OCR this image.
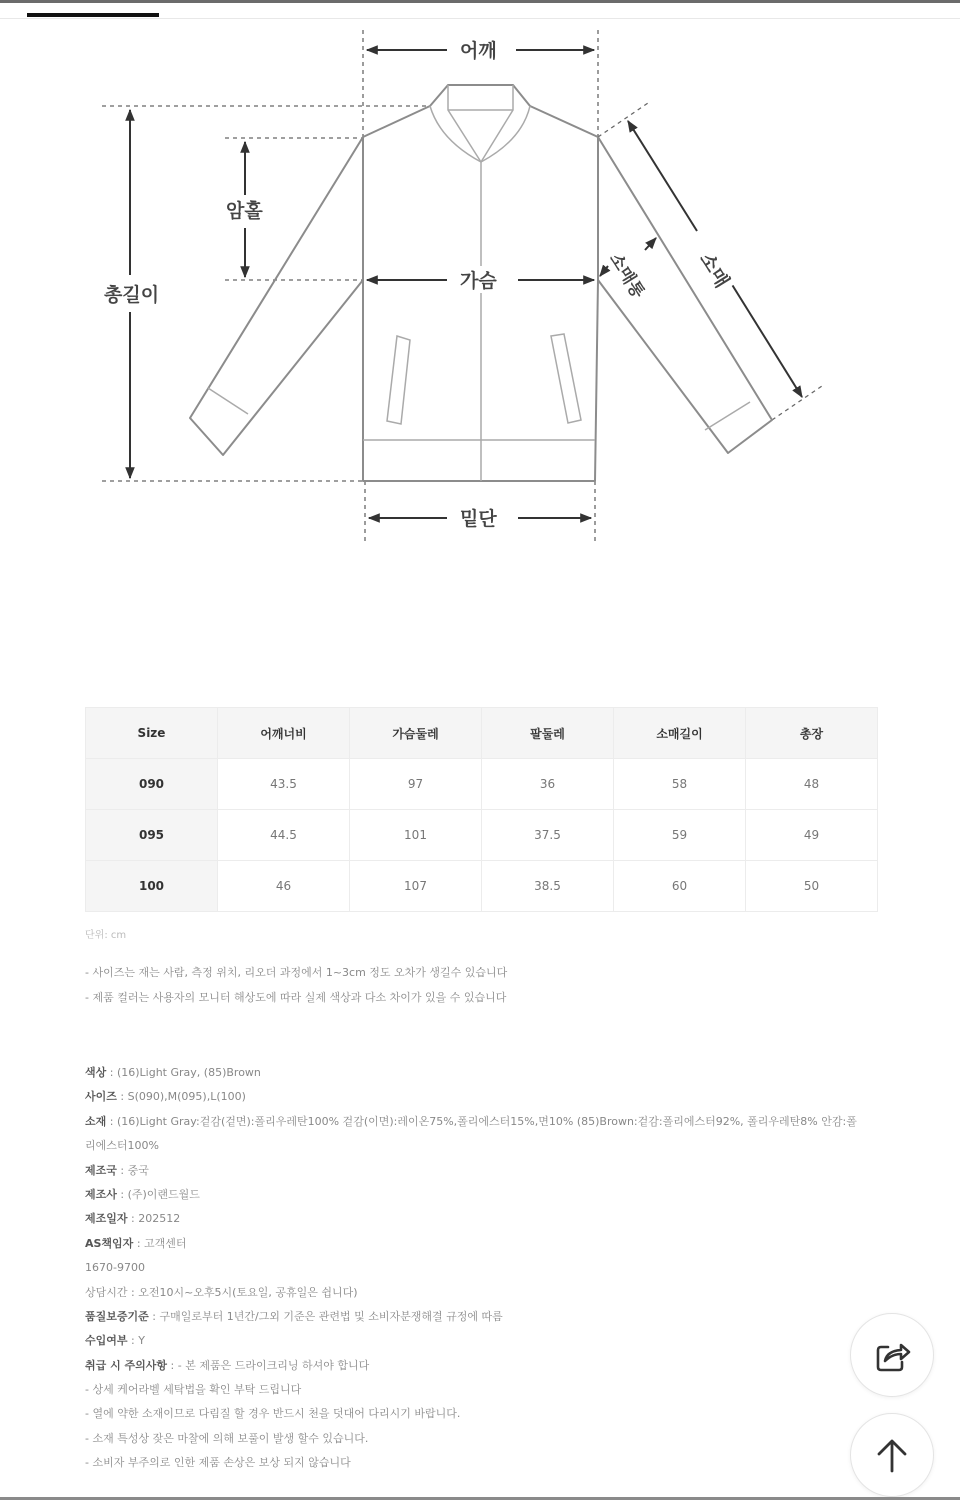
어깨
총길이
암홀
가슴	소매통	소매
밑단
Size	어깨너비	가슴둘레	팔둘레	소매길이	총장
090	43.5	97	36	58	48
095	44.5	101	37.5	59	49
100	46	107	38.5	60	50
단위: cm
- 사이즈는 재는 사람, 측정 위치, 리오더 과정에서 1~3cm 정도 오차가 생길수 있습니다
- 제품 컬러는 사용자의 모니터 해상도에 따라 실제 색상과 다소 차이가 있을 수 있습니다
색상 : (16)Light Gray, (85)Brown
사이즈 : S(090),M(095),L(100)
소재 : (16)Light Gray:겉감(겉면):폴리우레탄100% 겉감(이면):레이온75%,폴리에스터15%,면10% (85)Brown:겉감:폴리에스터92%, 폴리우레탄8% 안감:폴
리에스터100%
제조국 : 중국
제조사 : (주)이랜드월드
제조일자 : 202512
AS책임자 : 고객센터
1670-9700
상담시간 : 오전10시~오후5시(토요일, 공휴일은 쉽니다)
품질보증기준 : 구매일로부터 1년간/그외 기준은 관련법 및 소비자분쟁해결 규정에 따름
수입여부 : Y
취급 시 주의사항 : - 본 제품은 드라이크리닝 하셔야 합니다
- 상세 케어라벨 세탁법을 확인 부탁 드립니다
- 열에 약한 소재이므로 다림질 할 경우 반드시 천을 덧대어 다리시기 바랍니다.
- 소재 특성상 잦은 마찰에 의해 보풀이 발생 할수 있습니다.
- 소비자 부주의로 인한 제품 손상은 보상 되지 않습니다
